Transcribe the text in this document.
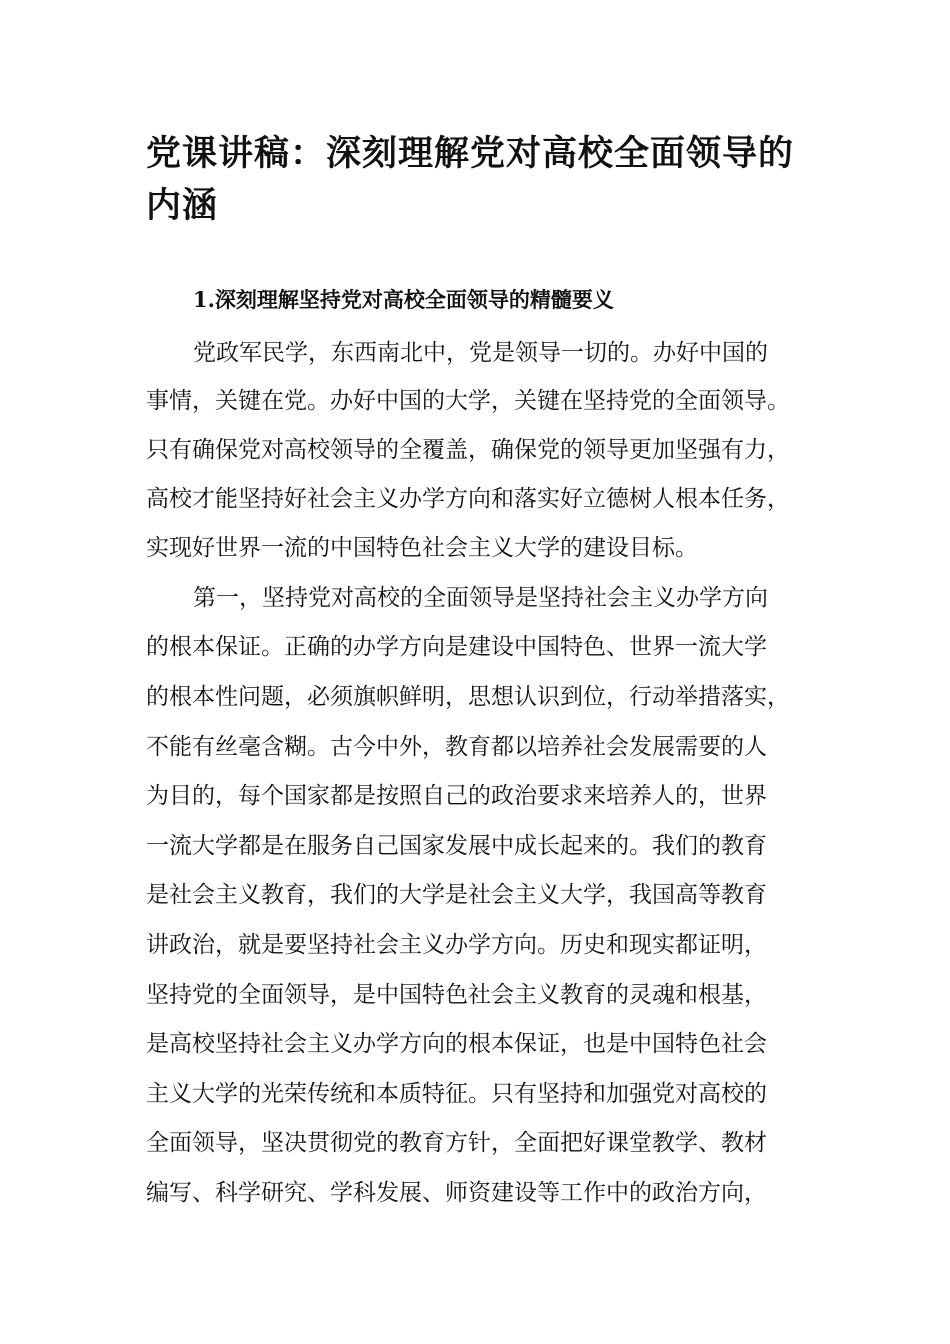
党课讲稿：深刻理解党对高校全面领导的
内涵
1.深刻理解坚持党对高校全面领导的精髓要义

党政军民学，东西南北中，党是领导一切的。办好中国的

事情，关键在党。办好中国的大学，关键在坚持党的全面领导。

只有确保党对高校领导的全覆盖，确保党的领导更加坚强有力，

高校才能坚持好社会主义办学方向和落实好立德树人根本任务，

实现好世界一流的中国特色社会主义大学的建设目标。

第一，坚持党对高校的全面领导是坚持社会主义办学方向

的根本保证。正确的办学方向是建设中国特色、世界一流大学

的根本性问题，必须旗帜鲜明，思想认识到位，行动举措落实，

不能有丝毫含糊。古今中外，教育都以培养社会发展需要的人

为目的，每个国家都是按照自己的政治要求来培养人的，世界

一流大学都是在服务自己国家发展中成长起来的。我们的教育

是社会主义教育，我们的大学是社会主义大学，我国高等教育

讲政治，就是要坚持社会主义办学方向。历史和现实都证明，

坚持党的全面领导，是中国特色社会主义教育的灵魂和根基，

是高校坚持社会主义办学方向的根本保证，也是中国特色社会

主义大学的光荣传统和本质特征。只有坚持和加强党对高校的

全面领导，坚决贯彻党的教育方针，全面把好课堂教学、教材

编写、科学研究、学科发展、师资建设等工作中的政治方向，
